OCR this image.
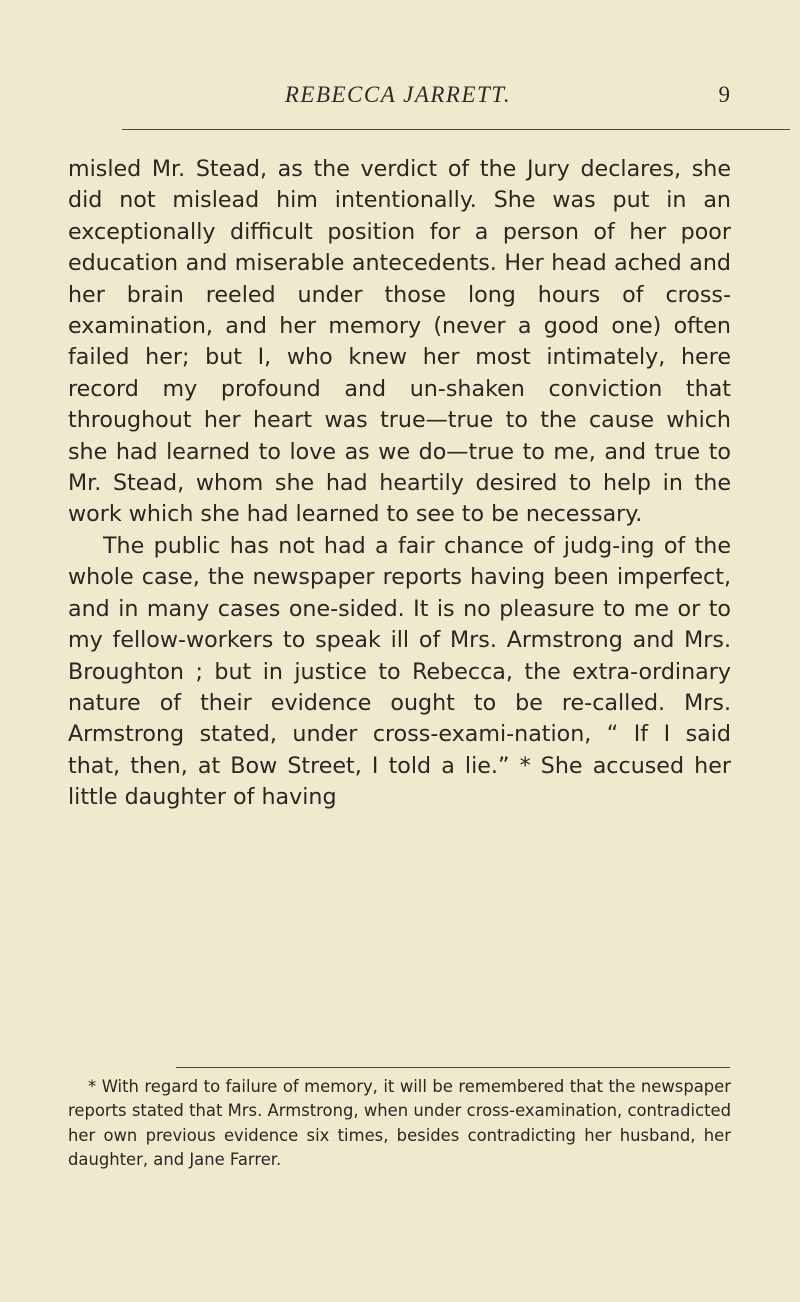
REBECCA JARRETT.	9

misled Mr. Stead, as the verdict of the Jury declares, she did not mislead him intentionally. She was put in an exceptionally difficult position for a person of her poor education and miserable antecedents. Her head ached and her brain reeled under those long hours of cross-examination, and her memory (never a good one) often failed her; but I, who knew her most intimately, here record my profound and un-shaken conviction that throughout her heart was true—true to the cause which she had learned to love as we do—true to me, and true to Mr. Stead, whom she had heartily desired to help in the work which she had learned to see to be necessary.

The public has not had a fair chance of judg-ing of the whole case, the newspaper reports having been imperfect, and in many cases one-sided. It is no pleasure to me or to my fellow-workers to speak ill of Mrs. Armstrong and Mrs. Broughton ; but in justice to Rebecca, the extra-ordinary nature of their evidence ought to be re-called. Mrs. Armstrong stated, under cross-exami-nation, “ If I said that, then, at Bow Street, I told a lie.” * She accused her little daughter of having

* With regard to failure of memory, it will be remembered that the newspaper reports stated that Mrs. Armstrong, when under cross-examination, contradicted her own previous evidence six times, besides contradicting her husband, her daughter, and Jane Farrer.
